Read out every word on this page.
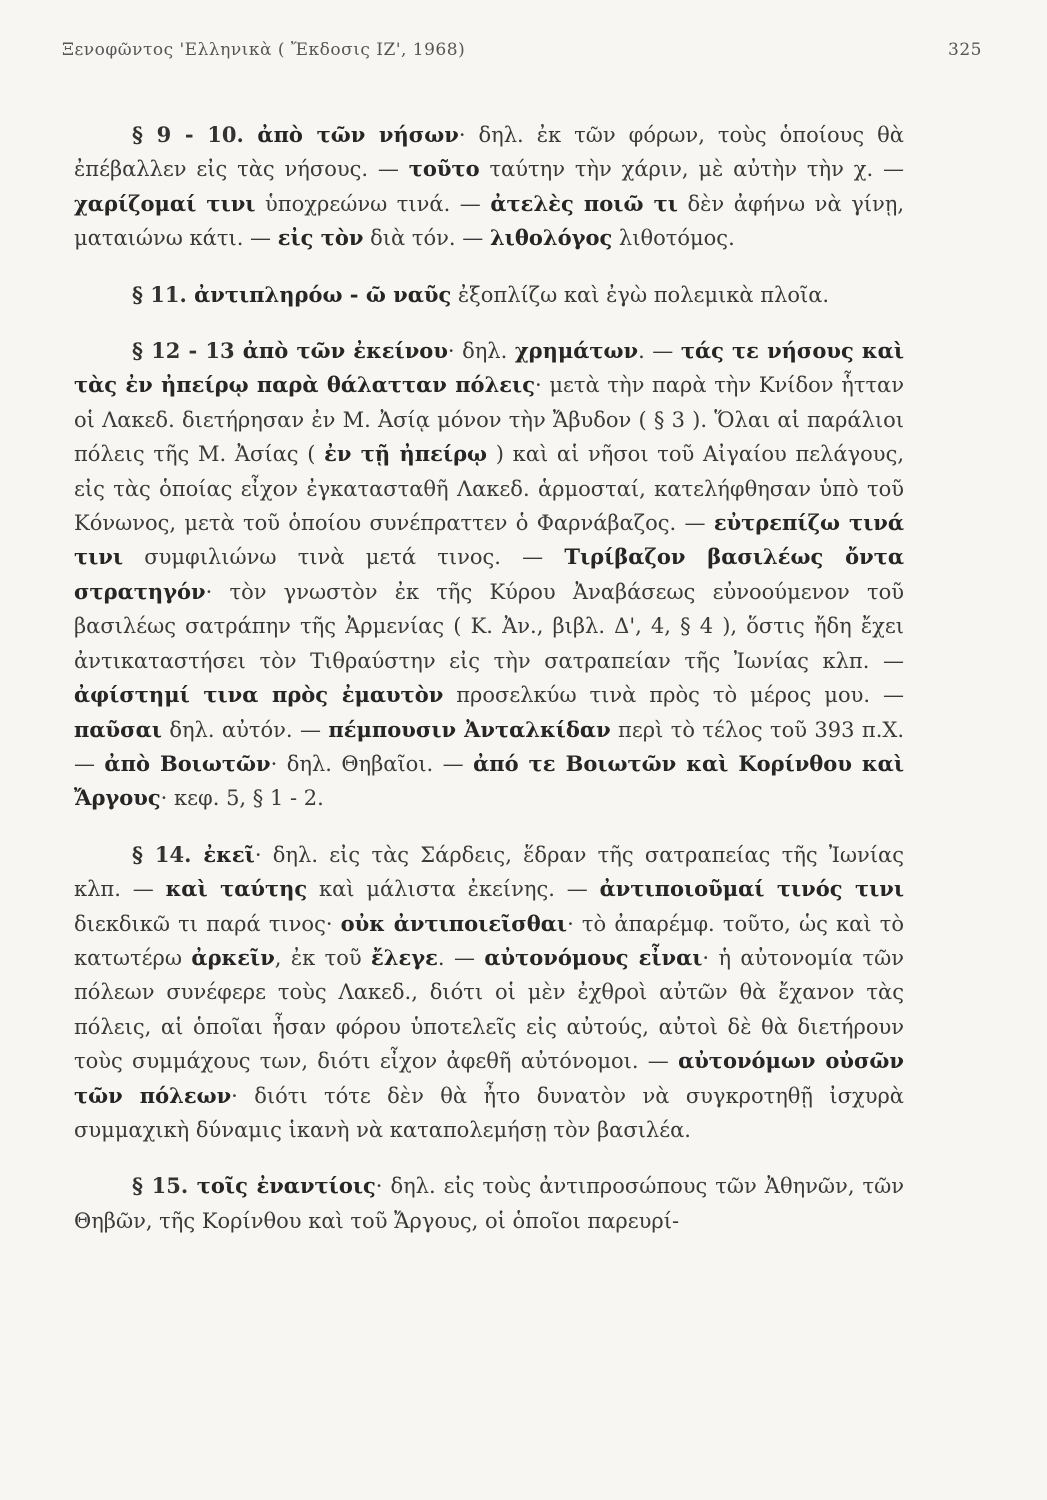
Ξενοφῶντος 'Ελληνικὰ ( Ἔκδοσις ΙΖ', 1968)	325

§ 9 - 10. ἀπὸ τῶν νήσων· δηλ. ἐκ τῶν φόρων, τοὺς ὁποίους θὰ ἐπέβαλλεν εἰς τὰς νήσους. — τοῦτο ταύτην τὴν χάριν, μὲ αὐτὴν τὴν χ. — χαρίζομαί τινι ὑποχρεώνω τινά. — ἀτελὲς ποιῶ τι δὲν ἀφήνω νὰ γίνῃ, ματαιώνω κάτι. — εἰς τὸν διὰ τόν. — λιθολόγος λιθοτόμος.

§ 11. ἀντιπληρόω - ῶ ναῦς ἐξοπλίζω καὶ ἐγὼ πολεμικὰ πλοῖα.

§ 12 - 13 ἀπὸ τῶν ἐκείνου· δηλ. χρημάτων. — τάς τε νήσους καὶ τὰς ἐν ἠπείρῳ παρὰ θάλατταν πόλεις· μετὰ τὴν παρὰ τὴν Κνίδον ἧτταν οἱ Λακεδ. διετήρησαν ἐν Μ. Ἀσίᾳ μόνον τὴν Ἄβυδον ( § 3 ). Ὅλαι αἱ παράλιοι πόλεις τῆς Μ. Ἀσίας ( ἐν τῇ ἠπείρῳ ) καὶ αἱ νῆσοι τοῦ Αἰγαίου πελάγους, εἰς τὰς ὁποίας εἶχον ἐγκατασταθῆ Λακεδ. ἁρμοσταί, κατελήφθησαν ὑπὸ τοῦ Κόνωνος, μετὰ τοῦ ὁποίου συνέπραττεν ὁ Φαρνάβαζος. — εὐτρεπίζω τινά τινι συμφιλιώνω τινὰ μετά τινος. — Τιρίβαζον βασιλέως ὄντα στρατηγόν· τὸν γνωστὸν ἐκ τῆς Κύρου Ἀναβάσεως εὐνοούμενον τοῦ βασιλέως σατράπην τῆς Ἀρμενίας ( Κ. Ἀν., βιβλ. Δ', 4, § 4 ), ὅστις ἤδη ἔχει ἀντικαταστήσει τὸν Τιθραύστην εἰς τὴν σατραπείαν τῆς Ἰωνίας κλπ. — ἀφίστημί τινα πρὸς ἐμαυτὸν προσελκύω τινὰ πρὸς τὸ μέρος μου. — παῦσαι δηλ. αὐτόν. — πέμπουσιν Ἀνταλκίδαν περὶ τὸ τέλος τοῦ 393 π.Χ. — ἀπὸ Βοιωτῶν· δηλ. Θηβαῖοι. — ἀπό τε Βοιωτῶν καὶ Κορίνθου καὶ Ἄργους· κεφ. 5, § 1 - 2.

§ 14. ἐκεῖ· δηλ. εἰς τὰς Σάρδεις, ἕδραν τῆς σατραπείας τῆς Ἰωνίας κλπ. — καὶ ταύτης καὶ μάλιστα ἐκείνης. — ἀντιποιοῦμαί τινός τινι διεκδικῶ τι παρά τινος· οὐκ ἀντιποιεῖσθαι· τὸ ἀπαρέμφ. τοῦτο, ὡς καὶ τὸ κατωτέρω ἀρκεῖν, ἐκ τοῦ ἔλεγε. — αὐτονόμους εἶναι· ἡ αὐτονομία τῶν πόλεων συνέφερε τοὺς Λακεδ., διότι οἱ μὲν ἐχθροὶ αὐτῶν θὰ ἔχανον τὰς πόλεις, αἱ ὁποῖαι ἦσαν φόρου ὑποτελεῖς εἰς αὐτούς, αὐτοὶ δὲ θὰ διετήρουν τοὺς συμμάχους των, διότι εἶχον ἀφεθῆ αὐτόνομοι. — αὐτονόμων οὐσῶν τῶν πόλεων· διότι τότε δὲν θὰ ἦτο δυνατὸν νὰ συγκροτηθῇ ἰσχυρὰ συμμαχικὴ δύναμις ἱκανὴ νὰ καταπολεμήσῃ τὸν βασιλέα.

§ 15. τοῖς ἐναντίοις· δηλ. εἰς τοὺς ἀντιπροσώπους τῶν Ἀθηνῶν, τῶν Θηβῶν, τῆς Κορίνθου καὶ τοῦ Ἄργους, οἱ ὁποῖοι παρευρί-
